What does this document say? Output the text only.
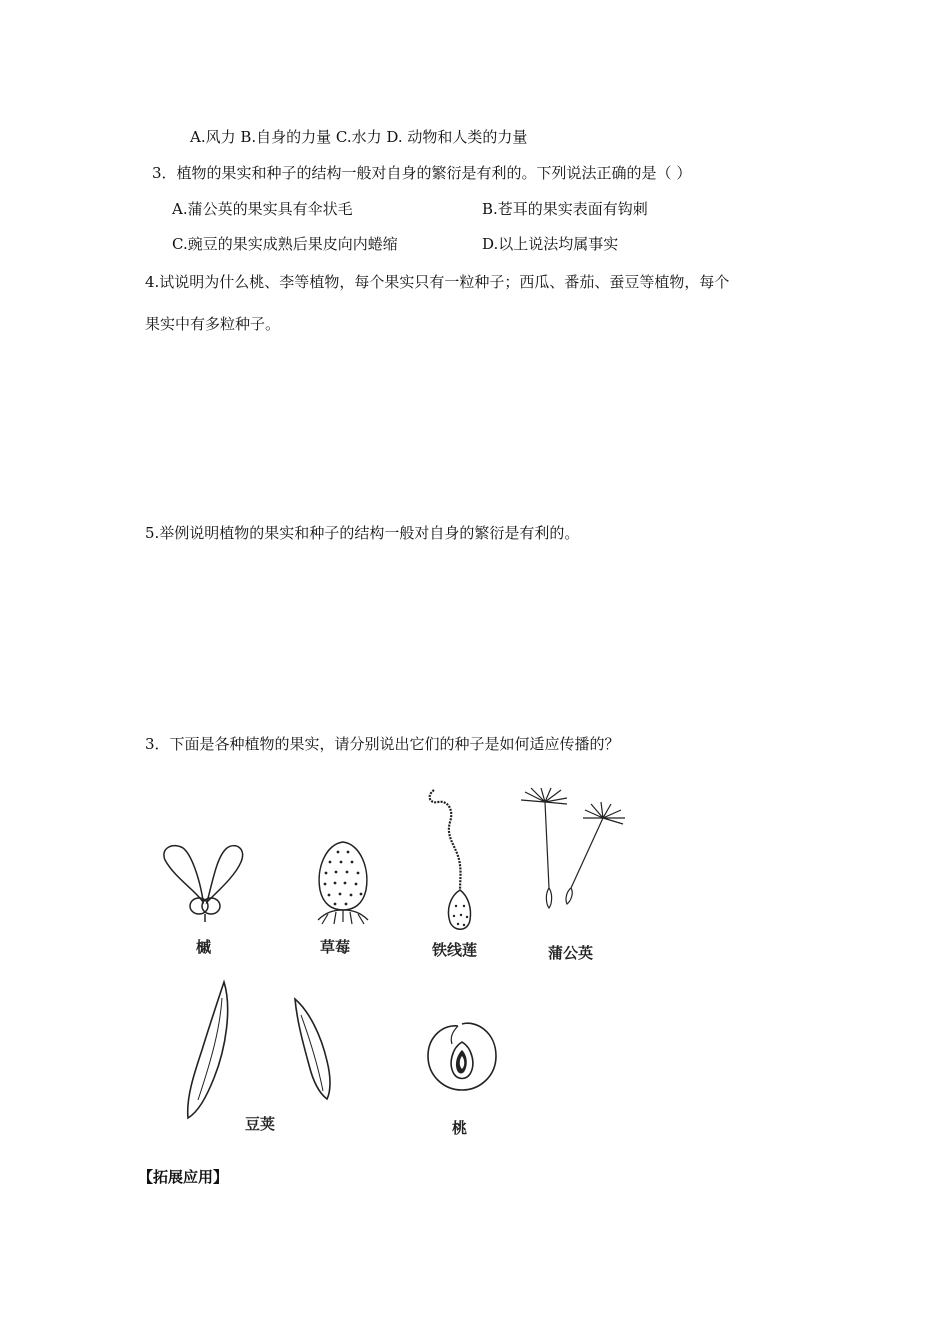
A.风力 B.自身的力量 C.水力 D. 动物和人类的力量
3．植物的果实和种子的结构一般对自身的繁衍是有利的。下列说法正确的是（ ）
A.蒲公英的果实具有伞状毛	B.苍耳的果实表面有钩刺
C.豌豆的果实成熟后果皮向内蜷缩	D.以上说法均属事实
4.试说明为什么桃、李等植物，每个果实只有一粒种子；西瓜、番茄、蚕豆等植物，每个
果实中有多粒种子。
5.举例说明植物的果实和种子的结构一般对自身的繁衍是有利的。
3．下面是各种植物的果实，请分别说出它们的种子是如何适应传播的？
槭	草莓	铁线莲	蒲公英
豆荚	桃
【拓展应用】
